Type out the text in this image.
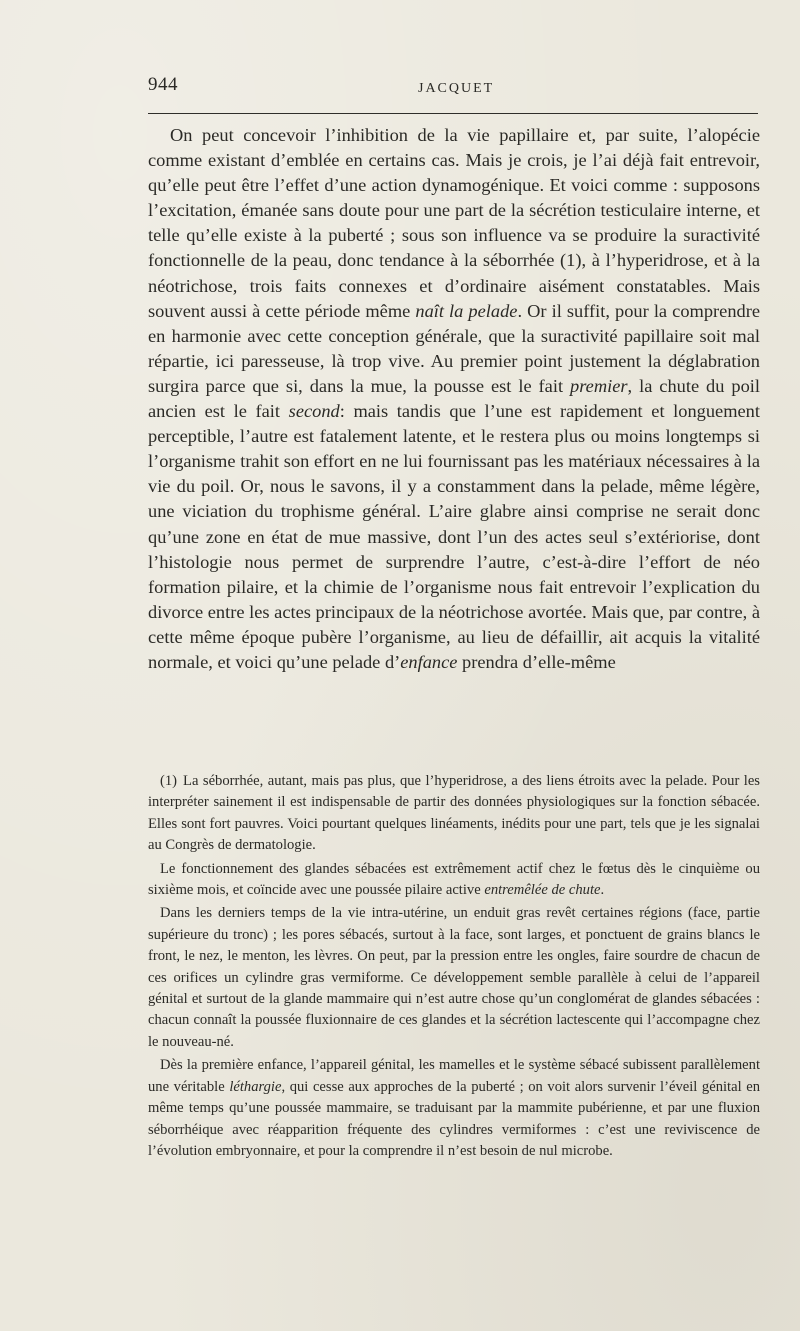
944	JACQUET

On peut concevoir l’inhibition de la vie papillaire et, par suite, l’alopécie comme existant d’emblée en certains cas. Mais je crois, je l’ai déjà fait entrevoir, qu’elle peut être l’effet d’une action dynamogénique. Et voici comme : supposons l’excitation, émanée sans doute pour une part de la sécrétion testiculaire interne, et telle qu’elle existe à la puberté ; sous son influence va se produire la suractivité fonctionnelle de la peau, donc tendance à la séborrhée (1), à l’hyperidrose, et à la néotrichose, trois faits connexes et d’ordinaire aisément constatables. Mais souvent aussi à cette période même naît la pelade. Or il suffit, pour la comprendre en harmonie avec cette conception générale, que la suractivité papillaire soit mal répartie, ici paresseuse, là trop vive. Au premier point justement la déglabration surgira parce que si, dans la mue, la pousse est le fait premier, la chute du poil ancien est le fait second: mais tandis que l’une est rapidement et longuement perceptible, l’autre est fatalement latente, et le restera plus ou moins longtemps si l’organisme trahit son effort en ne lui fournissant pas les matériaux nécessaires à la vie du poil. Or, nous le savons, il y a constamment dans la pelade, même légère, une viciation du trophisme général. L’aire glabre ainsi comprise ne serait donc qu’une zone en état de mue massive, dont l’un des actes seul s’extériorise, dont l’histologie nous permet de surprendre l’autre, c’est-à-dire l’effort de néo formation pilaire, et la chimie de l’organisme nous fait entrevoir l’explication du divorce entre les actes principaux de la néotrichose avortée. Mais que, par contre, à cette même époque pubère l’organisme, au lieu de défaillir, ait acquis la vitalité normale, et voici qu’une pelade d’enfance prendra d’elle-même

(1) La séborrhée, autant, mais pas plus, que l’hyperidrose, a des liens étroits avec la pelade. Pour les interpréter sainement il est indispensable de partir des données physiologiques sur la fonction sébacée. Elles sont fort pauvres. Voici pourtant quelques linéaments, inédits pour une part, tels que je les signalai au Congrès de dermatologie.

Le fonctionnement des glandes sébacées est extrêmement actif chez le fœtus dès le cinquième ou sixième mois, et coïncide avec une poussée pilaire active entremêlée de chute.

Dans les derniers temps de la vie intra-utérine, un enduit gras revêt certaines régions (face, partie supérieure du tronc) ; les pores sébacés, surtout à la face, sont larges, et ponctuent de grains blancs le front, le nez, le menton, les lèvres. On peut, par la pression entre les ongles, faire sourdre de chacun de ces orifices un cylindre gras vermiforme. Ce développement semble parallèle à celui de l’appareil génital et surtout de la glande mammaire qui n’est autre chose qu’un conglomérat de glandes sébacées : chacun connaît la poussée fluxionnaire de ces glandes et la sécrétion lactescente qui l’accompagne chez le nouveau-né.

Dès la première enfance, l’appareil génital, les mamelles et le système sébacé subissent parallèlement une véritable léthargie, qui cesse aux approches de la puberté ; on voit alors survenir l’éveil génital en même temps qu’une poussée mammaire, se traduisant par la mammite pubérienne, et par une fluxion séborrhéique avec réapparition fréquente des cylindres vermiformes : c’est une reviviscence de l’évolution embryonnaire, et pour la comprendre il n’est besoin de nul microbe.
